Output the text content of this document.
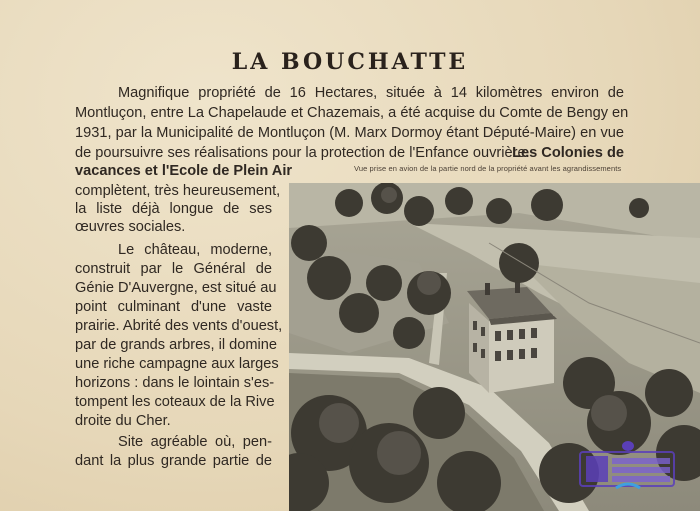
LA BOUCHATTE
Magnifique propriété de 16 Hectares, située à 14 kilomètres environ de
Montluçon, entre La Chapelaude et Chazemais, a été acquise du Comte de Bengy en
1931, par la Municipalité de Montluçon (M. Marx Dormoy étant Député-Maire) en vue
de poursuivre ses réalisations pour la protection de l'Enfance ouvrière.
Les Colonies de
vacances et l'Ecole de Plein Air
complètent, très heureusement,
la liste déjà longue de ses
œuvres sociales.
Le château, moderne,
construit par le Général de
Génie D'Auvergne, est situé au
point culminant d'une vaste
prairie. Abrité des vents d'ouest,
par de grands arbres, il domine
une riche campagne aux larges
horizons : dans le lointain s'es-
tompent les coteaux de la Rive
droite du Cher.
Site agréable où, pen-
dant la plus grande partie de
Vue prise en avion de la partie nord de la propriété avant les agrandissements
